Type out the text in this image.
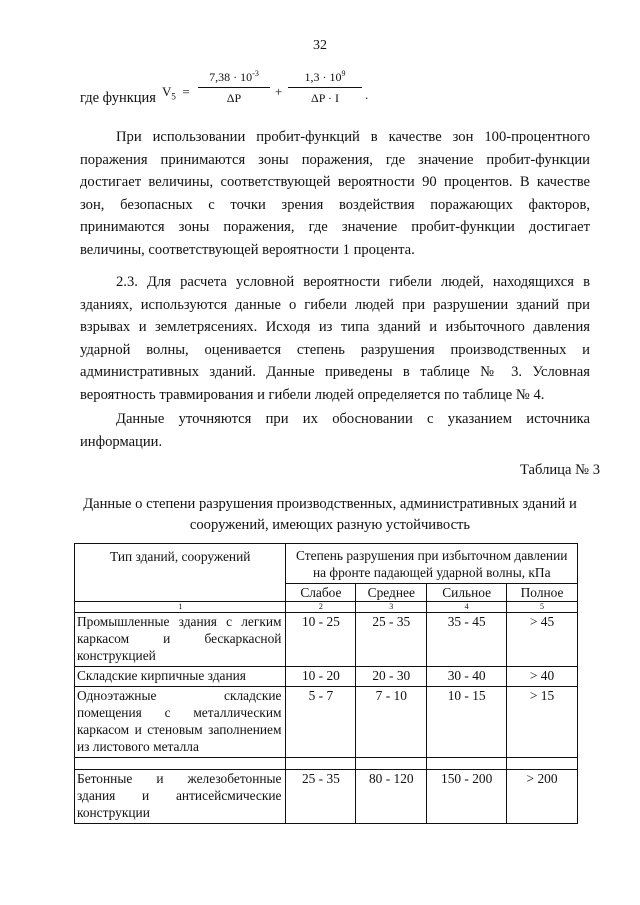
32
$V_5 = \frac{7,38 \cdot 10^{-3}}{\Delta P} + \frac{1,3 \cdot 10^9}{\Delta P \cdot I}$ .
где функция

При использовании пробит-функций в качестве зон 100-процентного поражения принимаются зоны поражения, где значение пробит-функции достигает величины, соответствующей вероятности 90 процентов. В качестве зон, безопасных с точки зрения воздействия поражающих факторов, принимаются зоны поражения, где значение пробит-функции достигает величины, соответствующей вероятности 1 процента.

2.3. Для расчета условной вероятности гибели людей, находящихся в зданиях, используются данные о гибели людей при разрушении зданий при взрывах и землетрясениях. Исходя из типа зданий и избыточного давления ударной волны, оценивается степень разрушения производственных и административных зданий. Данные приведены в таблице № 3. Условная вероятность травмирования и гибели людей определяется по таблице № 4.

Данные уточняются при их обосновании с указанием источника информации.

Таблица № 3

Данные о степени разрушения производственных, административных зданий и сооружений, имеющих разную устойчивость

Тип зданий, сооружений	Степень разрушения при избыточном давлении на фронте падающей ударной волны, кПа			
	Слабое	Среднее	Сильное	Полное
1	2	3	4	5
Промышленные здания с легким каркасом и бескаркасной конструкцией	10 - 25	25 - 35	35 - 45	> 45
Складские кирпичные здания	10 - 20	20 - 30	30 - 40	> 40
Одноэтажные складские помещения с металлическим каркасом и стеновым заполнением из листового металла	5 - 7	7 - 10	10 - 15	> 15

Бетонные и железобетонные здания и антисейсмические конструкции	25 - 35	80 - 120	150 - 200	> 200
